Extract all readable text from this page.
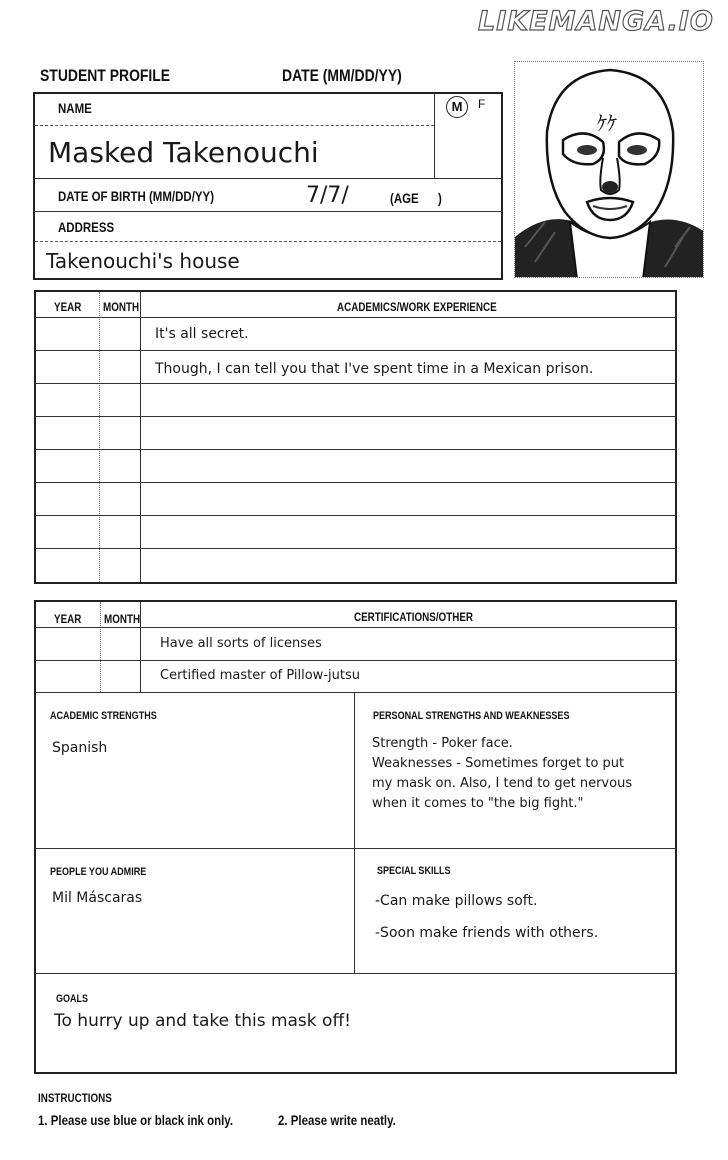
LIKEMANGA.IO
STUDENT PROFILE	DATE (MM/DD/YY)
NAME	M	F
Masked Takenouchi
DATE OF BIRTH (MM/DD/YY)	7/7/	(AGE )
ADDRESS
Takenouchi's house
ｹｹ
YEAR MONTH	ACADEMICS/WORK EXPERIENCE
It's all secret.
Though, I can tell you that I've spent time in a Mexican prison.
YEAR MONTH	CERTIFICATIONS/OTHER
Have all sorts of licenses
Certified master of Pillow-jutsu
ACADEMIC STRENGTHS
Spanish
PERSONAL STRENGTHS AND WEAKNESSES
Strength - Poker face.
Weaknesses - Sometimes forget to put
my mask on. Also, I tend to get nervous
when it comes to "the big fight."
PEOPLE YOU ADMIRE
Mil Máscaras
SPECIAL SKILLS
-Can make pillows soft.
-Soon make friends with others.
GOALS
To hurry up and take this mask off!
INSTRUCTIONS
1. Please use blue or black ink only.	2. Please write neatly.
